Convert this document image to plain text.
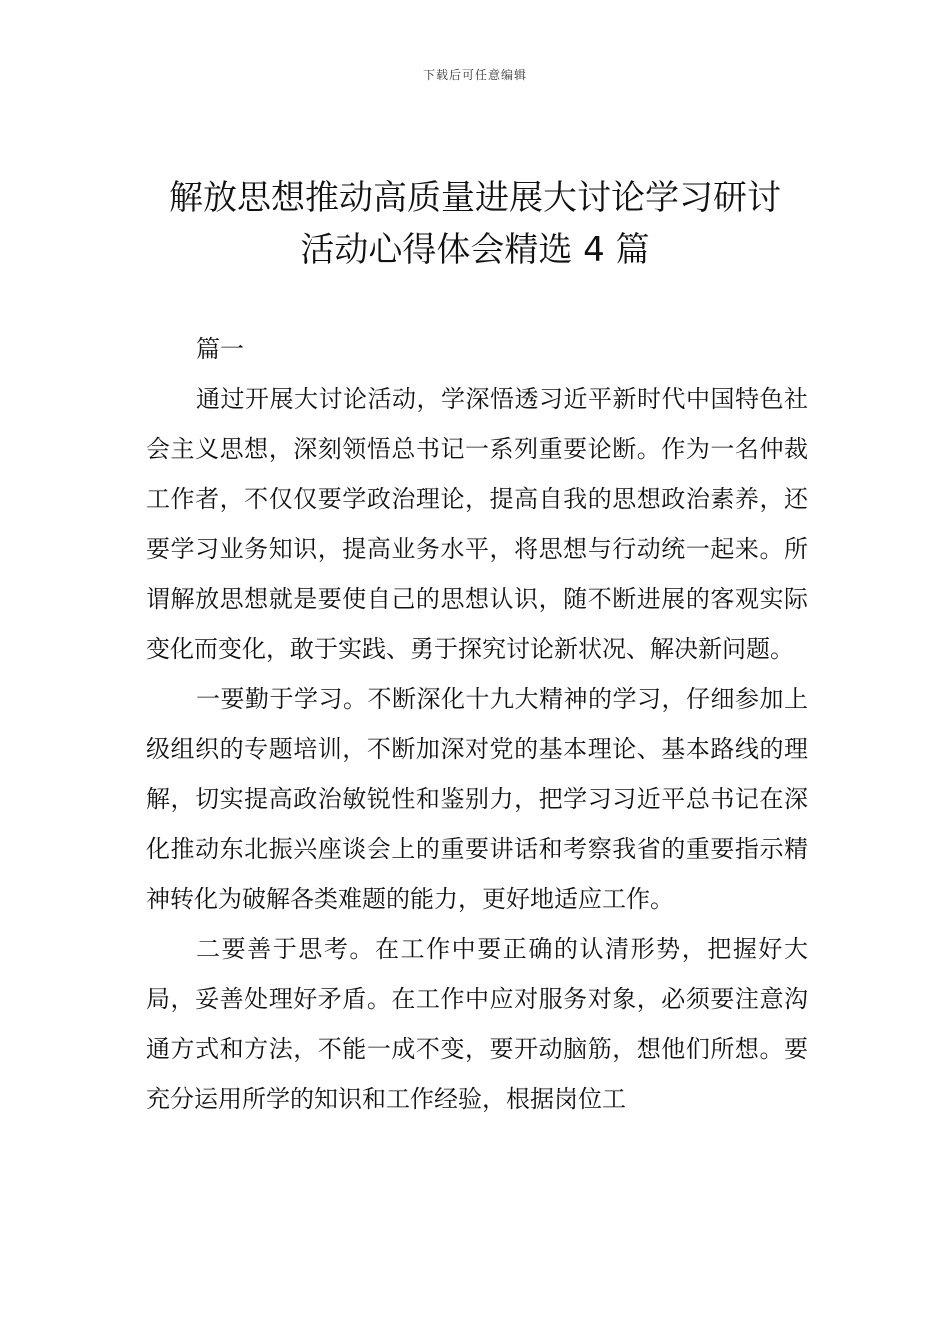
下载后可任意编辑
解放思想推动高质量进展大讨论学习研讨
活动心得体会精选 4 篇

篇一

通过开展大讨论活动，学深悟透习近平新时代中国特色社会主义思想，深刻领悟总书记一系列重要论断。作为一名仲裁工作者，不仅仅要学政治理论，提高自我的思想政治素养，还要学习业务知识，提高业务水平，将思想与行动统一起来。所谓解放思想就是要使自己的思想认识，随不断进展的客观实际变化而变化，敢于实践、勇于探究讨论新状况、解决新问题。

一要勤于学习。不断深化十九大精神的学习，仔细参加上级组织的专题培训，不断加深对党的基本理论、基本路线的理解，切实提高政治敏锐性和鉴别力，把学习习近平总书记在深化推动东北振兴座谈会上的重要讲话和考察我省的重要指示精神转化为破解各类难题的能力，更好地适应工作。

二要善于思考。在工作中要正确的认清形势，把握好大局，妥善处理好矛盾。在工作中应对服务对象，必须要注意沟通方式和方法，不能一成不变，要开动脑筋，想他们所想。要充分运用所学的知识和工作经验，根据岗位工
